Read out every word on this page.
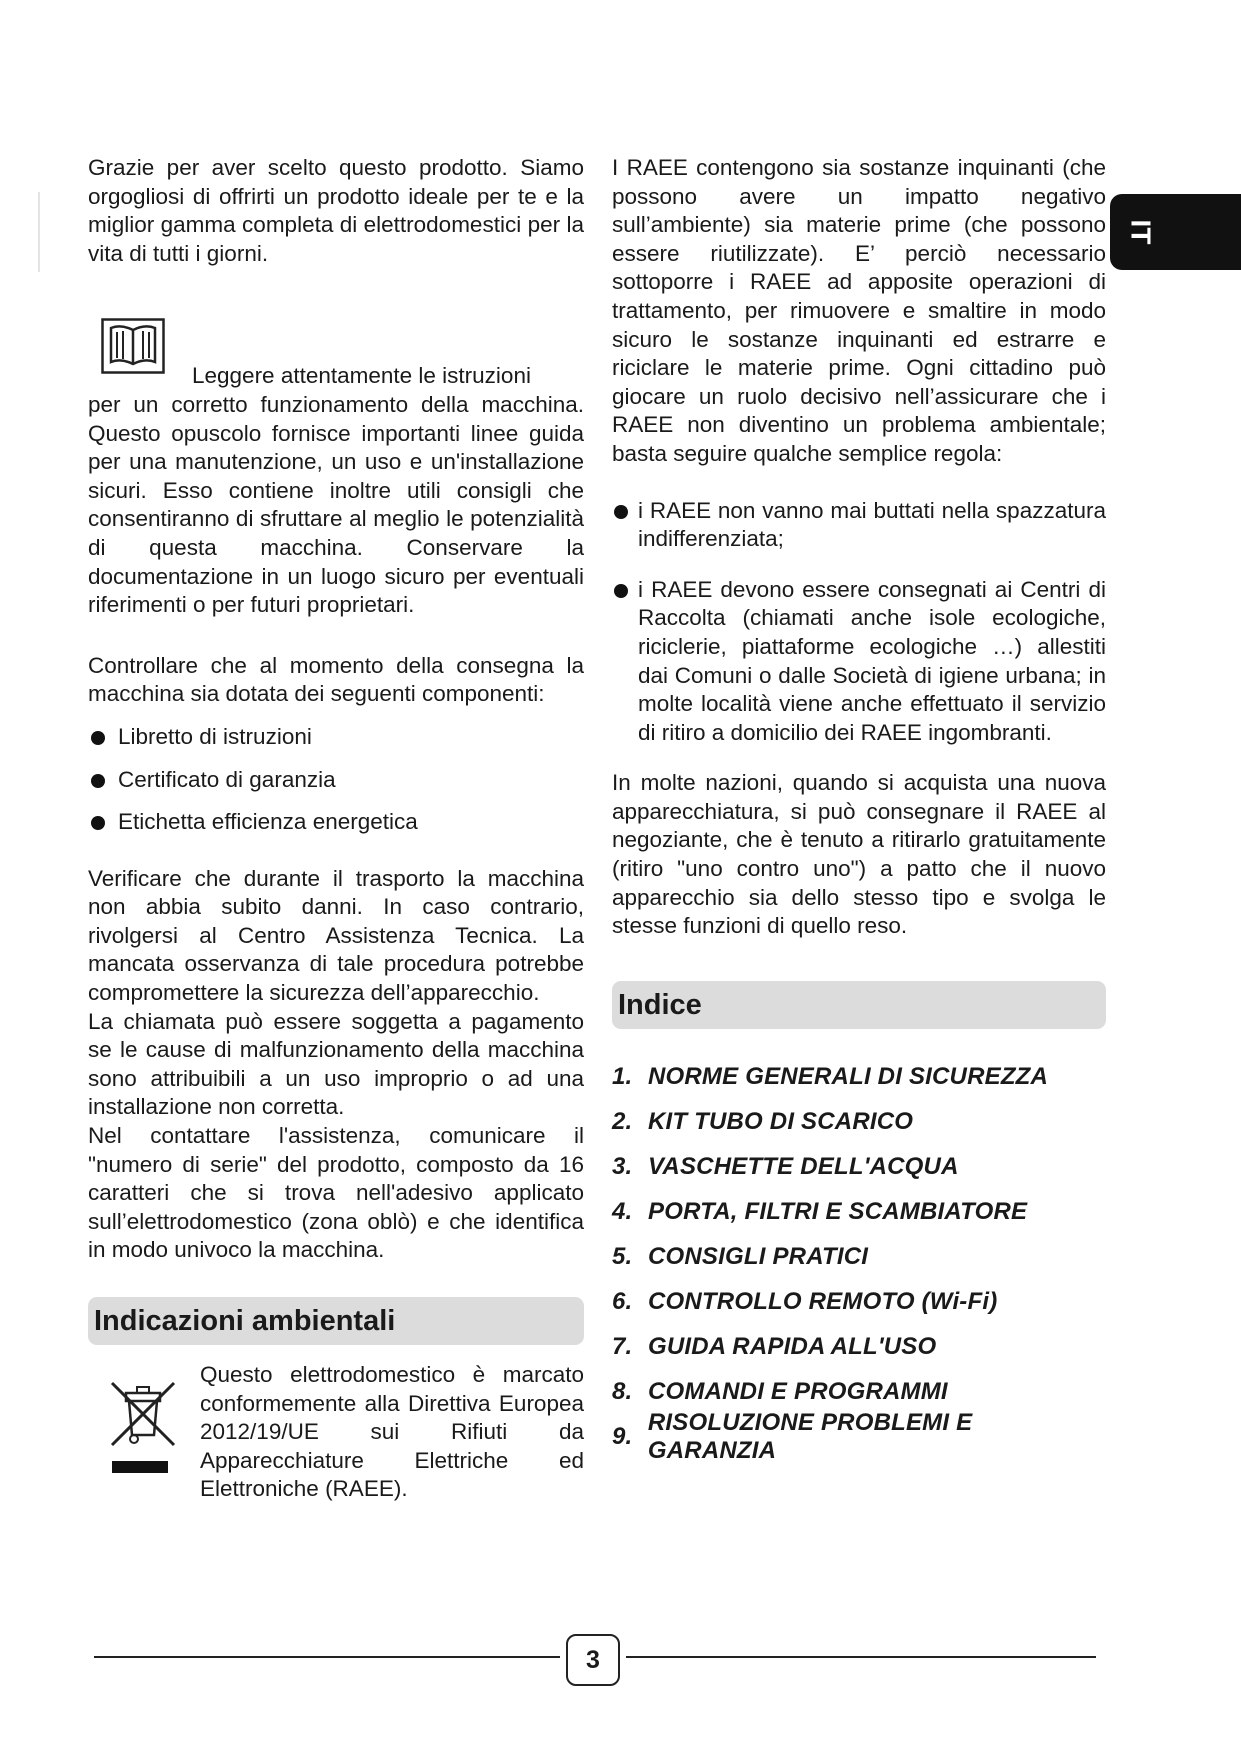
IT

Grazie per aver scelto questo prodotto. Siamo orgogliosi di offrirti un prodotto ideale per te e la miglior gamma completa di elettrodomestici per la vita di tutti i giorni.

Leggere attentamente le istruzioni

per un corretto funzionamento della macchina. Questo opuscolo fornisce importanti linee guida per una manutenzione, un uso e un'installazione sicuri. Esso contiene inoltre utili consigli che consentiranno di sfruttare al meglio le potenzialità di questa macchina. Conservare la documentazione in un luogo sicuro per eventuali riferimenti o per futuri proprietari.

Controllare che al momento della consegna la macchina sia dotata dei seguenti componenti:

Libretto di istruzioni
Certificato di garanzia
Etichetta efficienza energetica

Verificare che durante il trasporto la macchina non abbia subito danni. In caso contrario, rivolgersi al Centro Assistenza Tecnica. La mancata osservanza di tale procedura potrebbe compromettere la sicurezza dell’apparecchio.

La chiamata può essere soggetta a pagamento se le cause di malfunzionamento della macchina sono attribuibili a un uso improprio o ad una installazione non corretta.

Nel contattare l'assistenza, comunicare il "numero di serie" del prodotto, composto da 16 caratteri che si trova nell'adesivo applicato sull’elettrodomestico (zona oblò) e che identifica in modo univoco la macchina.

Indicazioni ambientali

Questo elettrodomestico è marcato conformemente alla Direttiva Europea 2012/19/UE sui Rifiuti da Apparecchiature Elettriche ed Elettroniche (RAEE).

I RAEE contengono sia sostanze inquinanti (che possono avere un impatto negativo sull’ambiente) sia materie prime (che possono essere riutilizzate). E’ perciò necessario sottoporre i RAEE ad apposite operazioni di trattamento, per rimuovere e smaltire in modo sicuro le sostanze inquinanti ed estrarre e riciclare le materie prime. Ogni cittadino può giocare un ruolo decisivo nell’assicurare che i RAEE non diventino un problema ambientale; basta seguire qualche semplice regola:

i RAEE non vanno mai buttati nella spazzatura indifferenziata;
i RAEE devono essere consegnati ai Centri di Raccolta (chiamati anche isole ecologiche, riciclerie, piattaforme ecologiche …) allestiti dai Comuni o dalle Società di igiene urbana; in molte località viene anche effettuato il servizio di ritiro a domicilio dei RAEE ingombranti.

In molte nazioni, quando si acquista una nuova apparecchiatura, si può consegnare il RAEE al negoziante, che è tenuto a ritirarlo gratuitamente (ritiro "uno contro uno") a patto che il nuovo apparecchio sia dello stesso tipo e svolga le stesse funzioni di quello reso.

Indice
1. NORME GENERALI DI SICUREZZA
2. KIT TUBO DI SCARICO
3. VASCHETTE DELL'ACQUA
4. PORTA, FILTRI E SCAMBIATORE
5. CONSIGLI PRATICI
6. CONTROLLO REMOTO (Wi-Fi)
7. GUIDA RAPIDA ALL'USO
8. COMANDI E PROGRAMMI
9.
RISOLUZIONE PROBLEMI E GARANZIA
3
